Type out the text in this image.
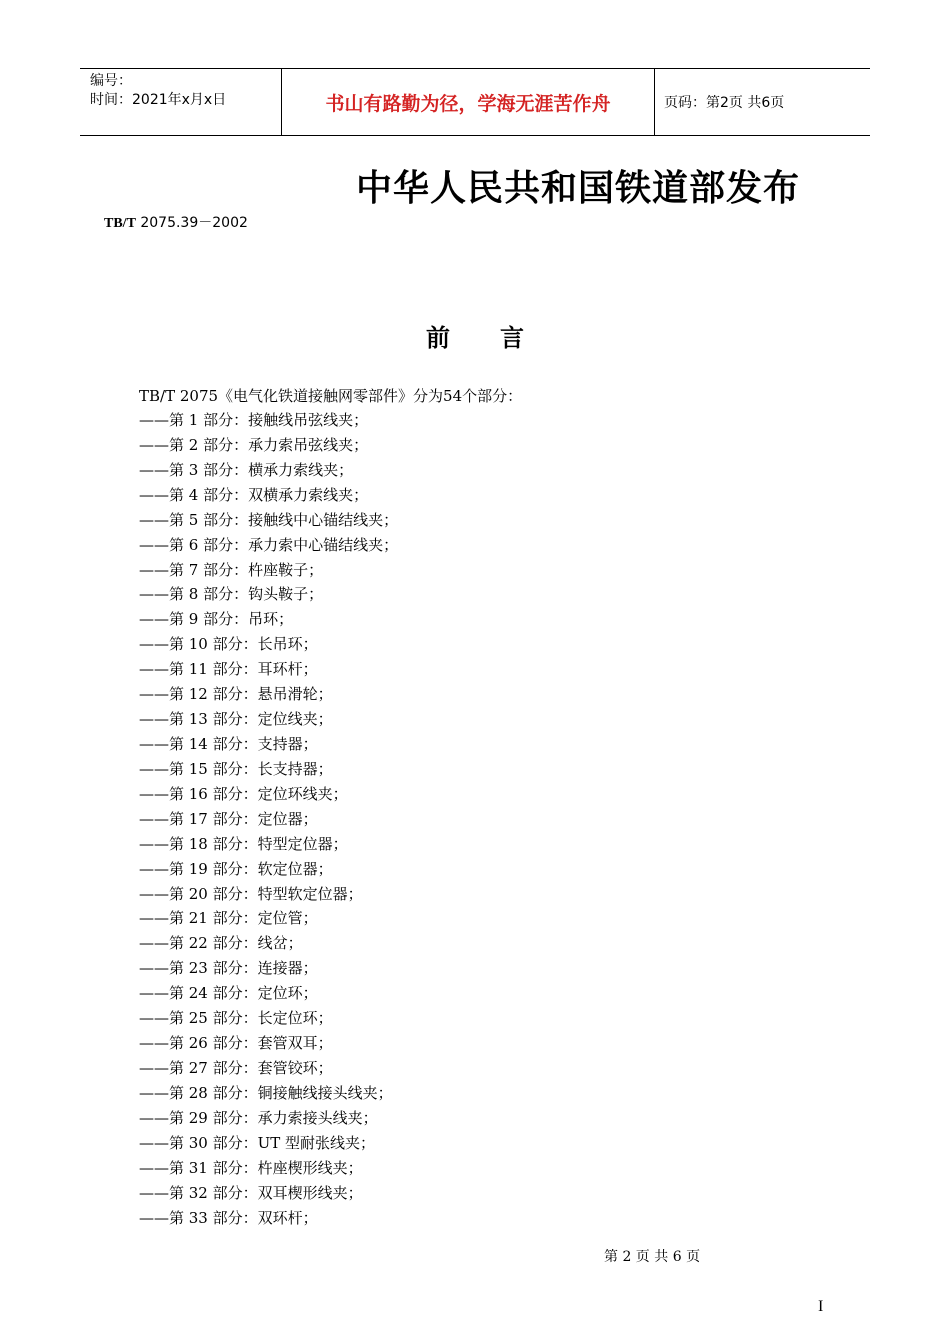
编号：
时间：2021年x月x日	书山有路勤为径，学海无涯苦作舟	页码：第2页 共6页
中华人民共和国铁道部发布
TB/T 2075.39－2002
前言
TB/T 2075《电气化铁道接触网零部件》分为54个部分：
——第 1 部分：接触线吊弦线夹；
——第 2 部分：承力索吊弦线夹；
——第 3 部分：横承力索线夹；
——第 4 部分：双横承力索线夹；
——第 5 部分：接触线中心锚结线夹；
——第 6 部分：承力索中心锚结线夹；
——第 7 部分：杵座鞍子；
——第 8 部分：钩头鞍子；
——第 9 部分：吊环；
——第 10 部分：长吊环；
——第 11 部分：耳环杆；
——第 12 部分：悬吊滑轮；
——第 13 部分：定位线夹；
——第 14 部分：支持器；
——第 15 部分：长支持器；
——第 16 部分：定位环线夹；
——第 17 部分：定位器；
——第 18 部分：特型定位器；
——第 19 部分：软定位器；
——第 20 部分：特型软定位器；
——第 21 部分：定位管；
——第 22 部分：线岔；
——第 23 部分：连接器；
——第 24 部分：定位环；
——第 25 部分：长定位环；
——第 26 部分：套管双耳；
——第 27 部分：套管铰环；
——第 28 部分：铜接触线接头线夹；
——第 29 部分：承力索接头线夹；
——第 30 部分：UT 型耐张线夹；
——第 31 部分：杵座楔形线夹；
——第 32 部分：双耳楔形线夹；
——第 33 部分：双环杆；
第 2 页 共 6 页
I
